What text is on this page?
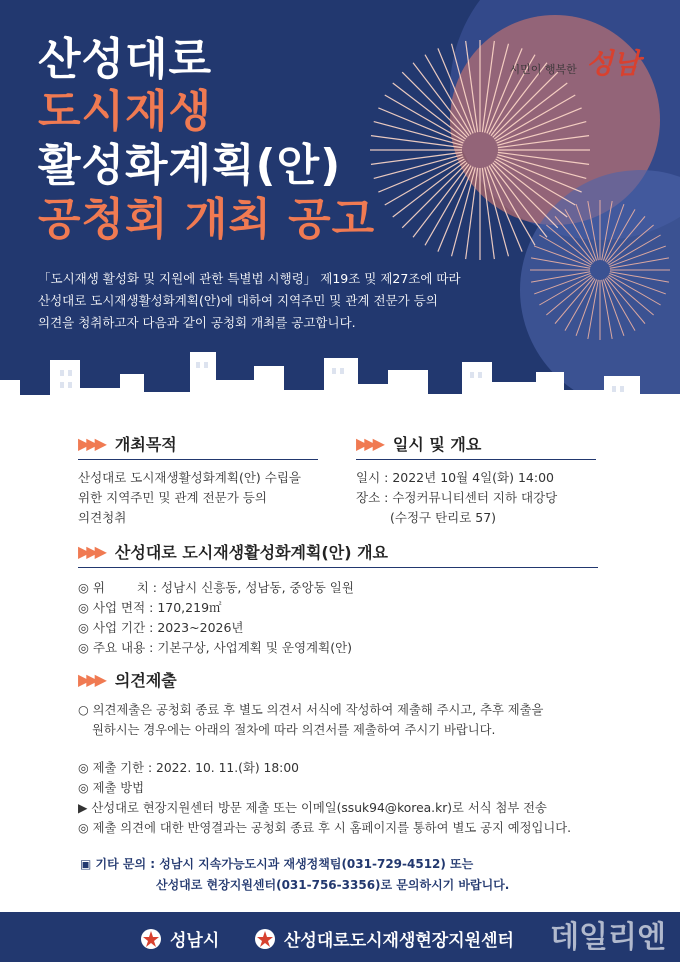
산성대로
도시재생
활성화계획(안)
공청회 개최 공고
시민이 행복한 성남
「도시재생 활성화 및 지원에 관한 특별법 시행령」 제19조 및 제27조에 따라
산성대로 도시재생활성화계획(안)에 대하여 지역주민 및 관계 전문가 등의
의견을 청취하고자 다음과 같이 공청회 개최를 공고합니다.
▶▶▶ 개최목적
산성대로 도시재생활성화계획(안) 수립을
위한 지역주민 및 관계 전문가 등의
의견청취
▶▶▶ 일시 및 개요
일시 :
2022년 10월 4일(화) 14:00
장소 :
수정커뮤니티센터 지하 대강당
(수정구 탄리로 57)
▶▶▶ 산성대로 도시재생활성화계획(안) 개요
◎ 위        치 :
성남시 신흥동, 성남동, 중앙동 일원
◎ 사업 면적 :
170,219㎡
◎ 사업 기간 :
2023~2026년
◎ 주요 내용 :
기본구상, 사업계획 및 운영계획(안)
▶▶▶ 의견제출
○ 의견제출은 공청회 종료 후 별도 의견서 서식에 작성하여 제출해 주시고, 추후 제출을
원하시는 경우에는 아래의 절차에 따라 의견서를 제출하여 주시기 바랍니다.
◎ 제출 기한 : 2022. 10. 11.(화) 18:00
◎ 제출 방법
▶ 산성대로 현장지원센터 방문 제출 또는 이메일(ssuk94@korea.kr)로 서식 첨부 전송
◎ 제출 의견에 대한 반영결과는 공청회 종료 후 시 홈페이지를 통하여 별도 공지 예정입니다.
▣ 기타 문의 : 성남시 지속가능도시과 재생정책팀(031-729-4512) 또는
산성대로 현장지원센터(031-756-3356)로 문의하시기 바랍니다.
성남시	산성대로도시재생현장지원센터 데일리엔
